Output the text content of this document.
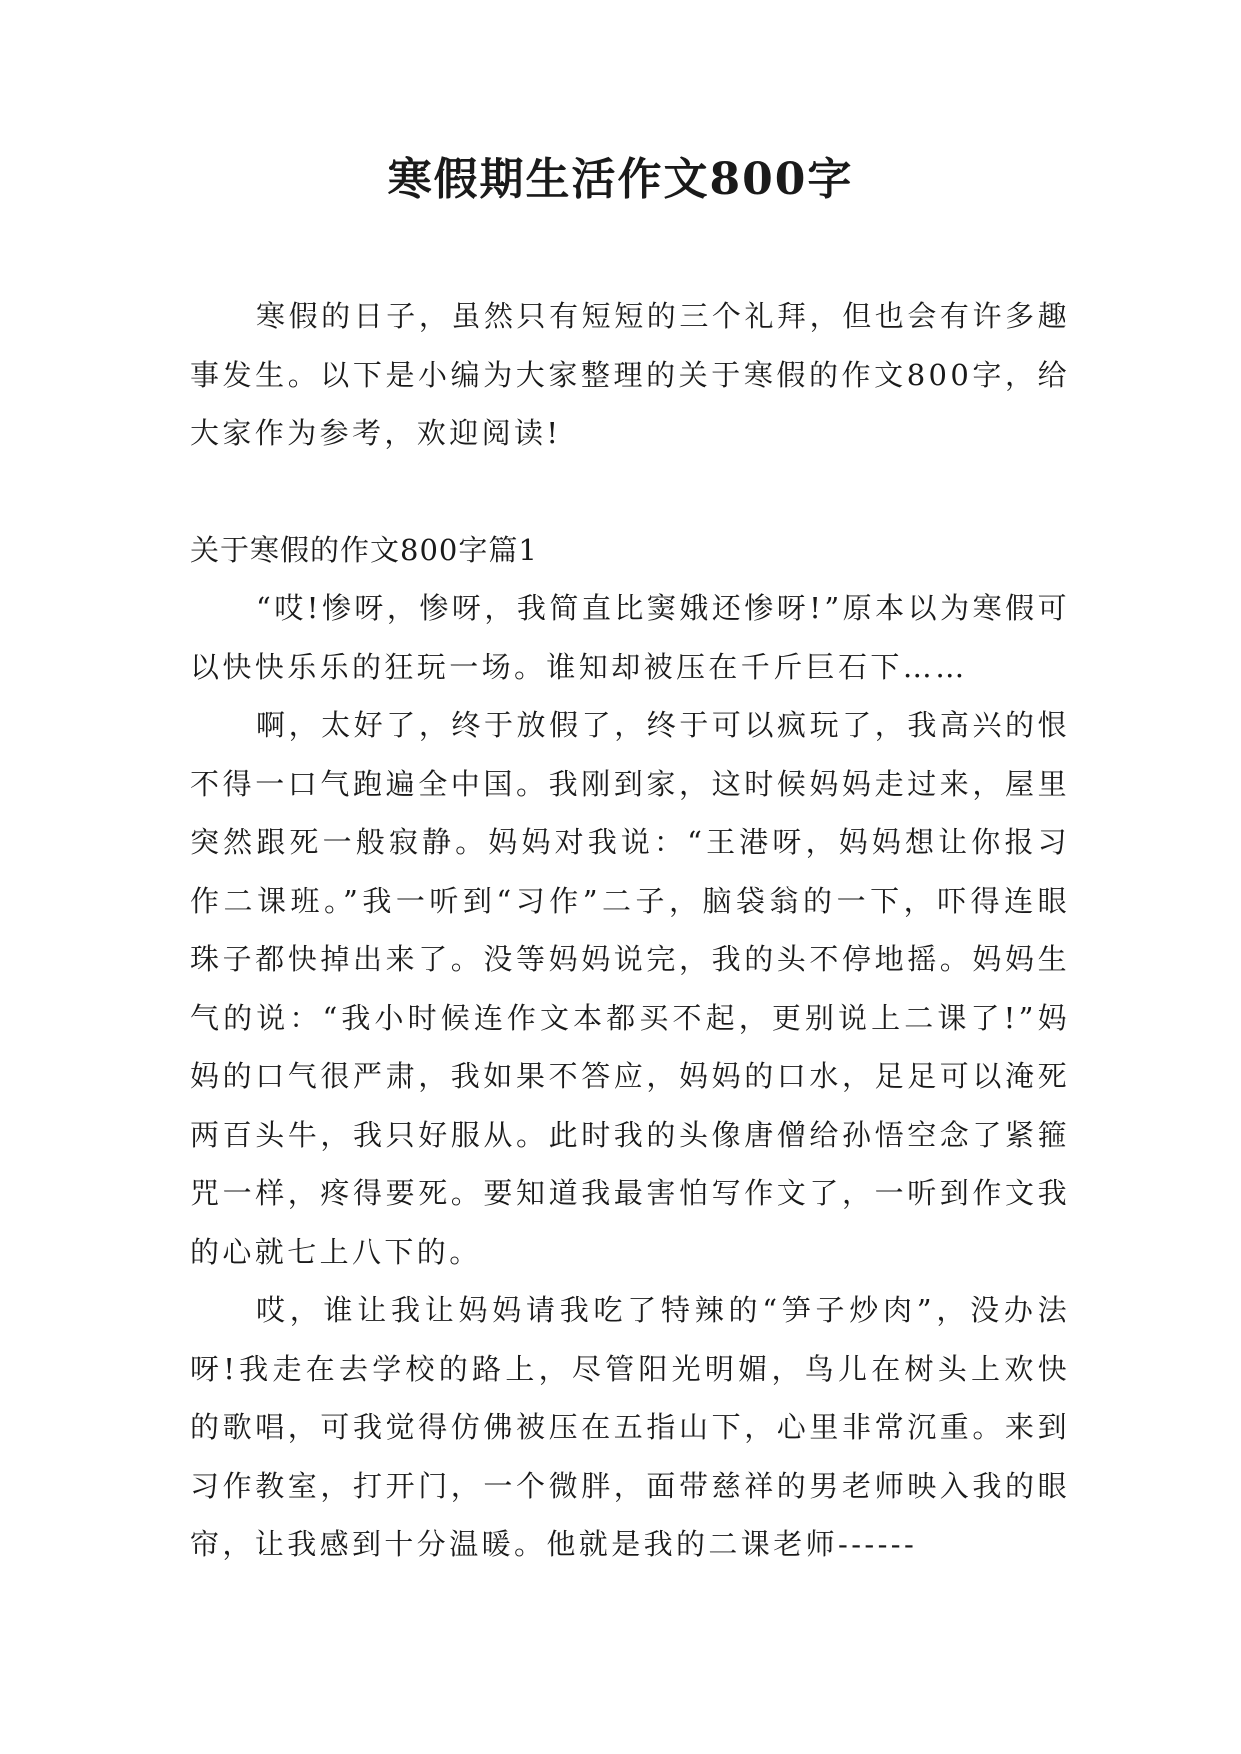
寒假期生活作文800字

寒假的日子，虽然只有短短的三个礼拜，但也会有许多趣事发生。以下是小编为大家整理的关于寒假的作文800字，给大家作为参考，欢迎阅读!

关于寒假的作文800字篇1

“哎!惨呀，惨呀，我简直比窦娥还惨呀!”原本以为寒假可以快快乐乐的狂玩一场。谁知却被压在千斤巨石下……

啊，太好了，终于放假了，终于可以疯玩了，我高兴的恨不得一口气跑遍全中国。我刚到家，这时候妈妈走过来，屋里突然跟死一般寂静。妈妈对我说：“王港呀，妈妈想让你报习作二课班。”我一听到“习作”二子，脑袋翁的一下，吓得连眼珠子都快掉出来了。没等妈妈说完，我的头不停地摇。妈妈生气的说：“我小时候连作文本都买不起，更别说上二课了!”妈妈的口气很严肃，我如果不答应，妈妈的口水，足足可以淹死两百头牛，我只好服从。此时我的头像唐僧给孙悟空念了紧箍咒一样，疼得要死。要知道我最害怕写作文了，一听到作文我的心就七上八下的。

哎，谁让我让妈妈请我吃了特辣的“笋子炒肉”，没办法呀!我走在去学校的路上，尽管阳光明媚，鸟儿在树头上欢快的歌唱，可我觉得仿佛被压在五指山下，心里非常沉重。来到习作教室，打开门，一个微胖，面带慈祥的男老师映入我的眼帘，让我感到十分温暖。他就是我的二课老师------
